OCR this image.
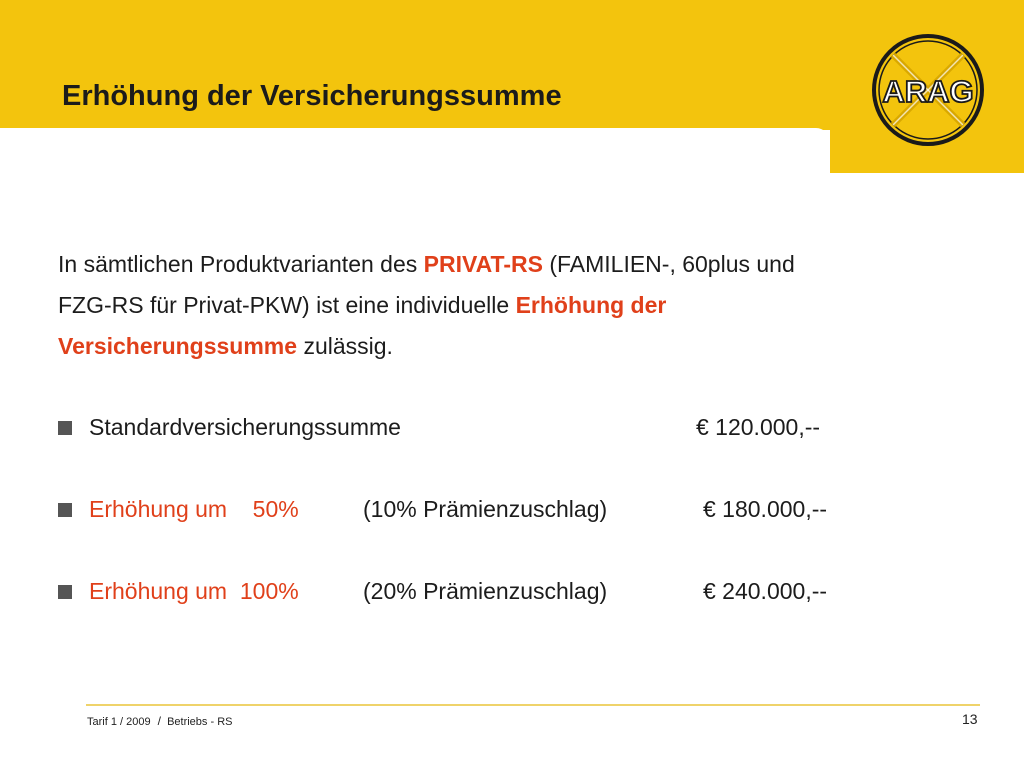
Erhöhung der Versicherungssumme	ARAG
In sämtlichen Produktvarianten des PRIVAT-RS (FAMILIEN-, 60plus und
FZG-RS für Privat-PKW) ist eine individuelle Erhöhung der
Versicherungssumme zulässig.
Standardversicherungssumme	€ 120.000,--
Erhöhung um    50%	(10% Prämienzuschlag)	€ 180.000,--
Erhöhung um  100%	(20% Prämienzuschlag)	€ 240.000,--
Tarif 1 / 2009 / Betriebs - RS	13
